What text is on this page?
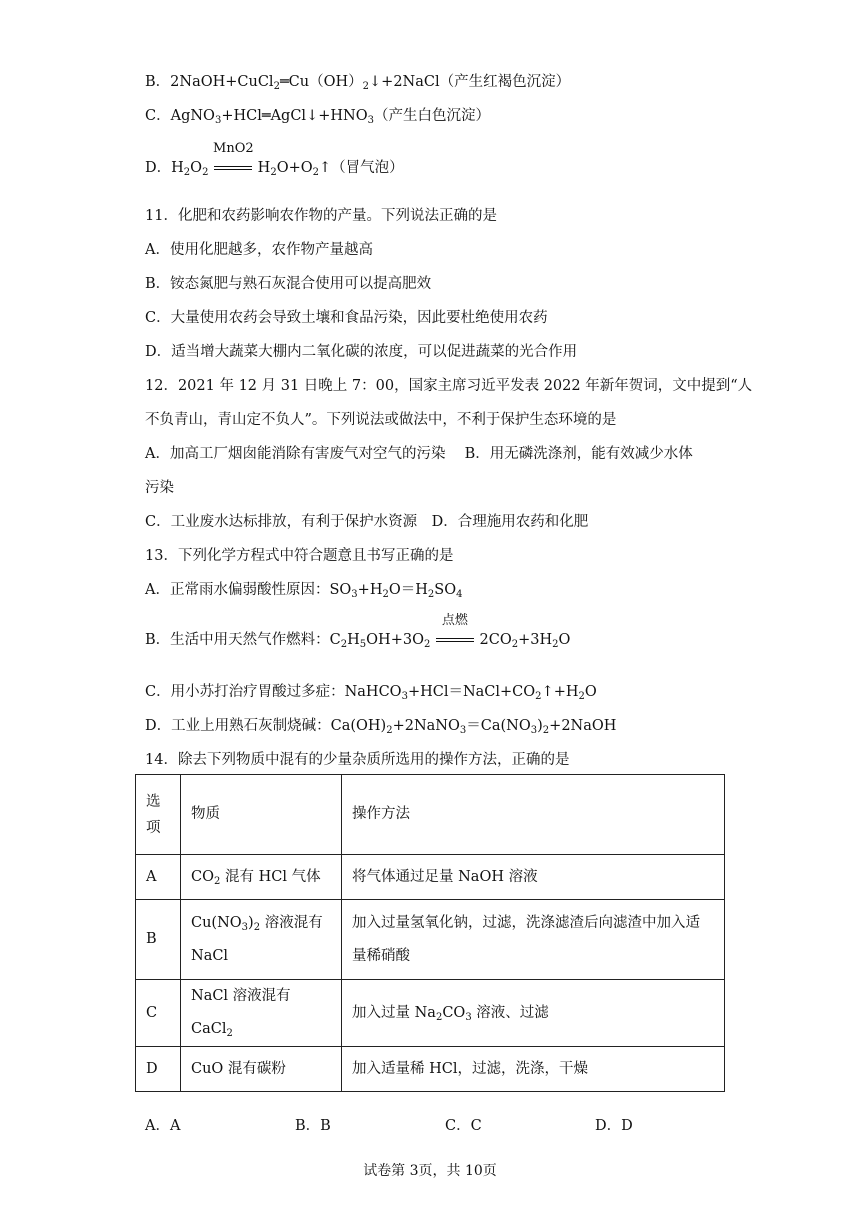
B．$2NaOH+CuCl_2═Cu(OH)_2↓+2NaCl$（产生红褐色沉淀）
C．$AgNO_3+HCl═AgCl↓+HNO_3$（产生白色沉淀）
D．$H_2O_2$
MnO2
$H_2O+O_2↑$（冒气泡）
11．化肥和农药影响农作物的产量。下列说法正确的是
A．使用化肥越多，农作物产量越高
B．铵态氮肥与熟石灰混合使用可以提高肥效
C．大量使用农药会导致土壤和食品污染，因此要杜绝使用农药
D．适当增大蔬菜大棚内二氧化碳的浓度，可以促进蔬菜的光合作用
12．2021 年 12 月 31 日晚上 7：00，国家主席习近平发表 2022 年新年贺词，文中提到“人
不负青山，青山定不负人”。下列说法或做法中，不利于保护生态环境的是
A．加高工厂烟囱能消除有害废气对空气的污染　 B．用无磷洗涤剂，能有效减少水体
污染
C．工业废水达标排放，有利于保护水资源　D．合理施用农药和化肥
13．下列化学方程式中符合题意且书写正确的是
A．正常雨水偏弱酸性原因：$SO_3+H_2O=H_2SO_4$
B．生活中用天然气作燃料：$C_2H_5OH+3O_2$
点燃
$2CO_2+3H_2O$
C．用小苏打治疗胃酸过多症：$NaHCO_3+HCl=NaCl+CO_2↑+H_2O$
D．工业上用熟石灰制烧碱：$Ca(OH)_2+2NaNO_3=Ca(NO_3)_2+2NaOH$
14．除去下列物质中混有的少量杂质所选用的操作方法，正确的是
选
项	物质	操作方法
A	$CO_2$ 混有 HCl 气体	将气体通过足量 NaOH 溶液
B	$Cu(NO_3)_2$ 溶液混有
NaCl	加入过量氢氧化钠，过滤，洗涤滤渣后向滤渣中加入适
量稀硝酸
C	NaCl 溶液混有 CaCl$_2$	加入过量 $Na_2CO_3$ 溶液、过滤
D	CuO 混有碳粉	加入适量稀 HCl，过滤，洗涤，干燥
A．A	B．B	C．C	D．D
试卷第 3页，共 10页
